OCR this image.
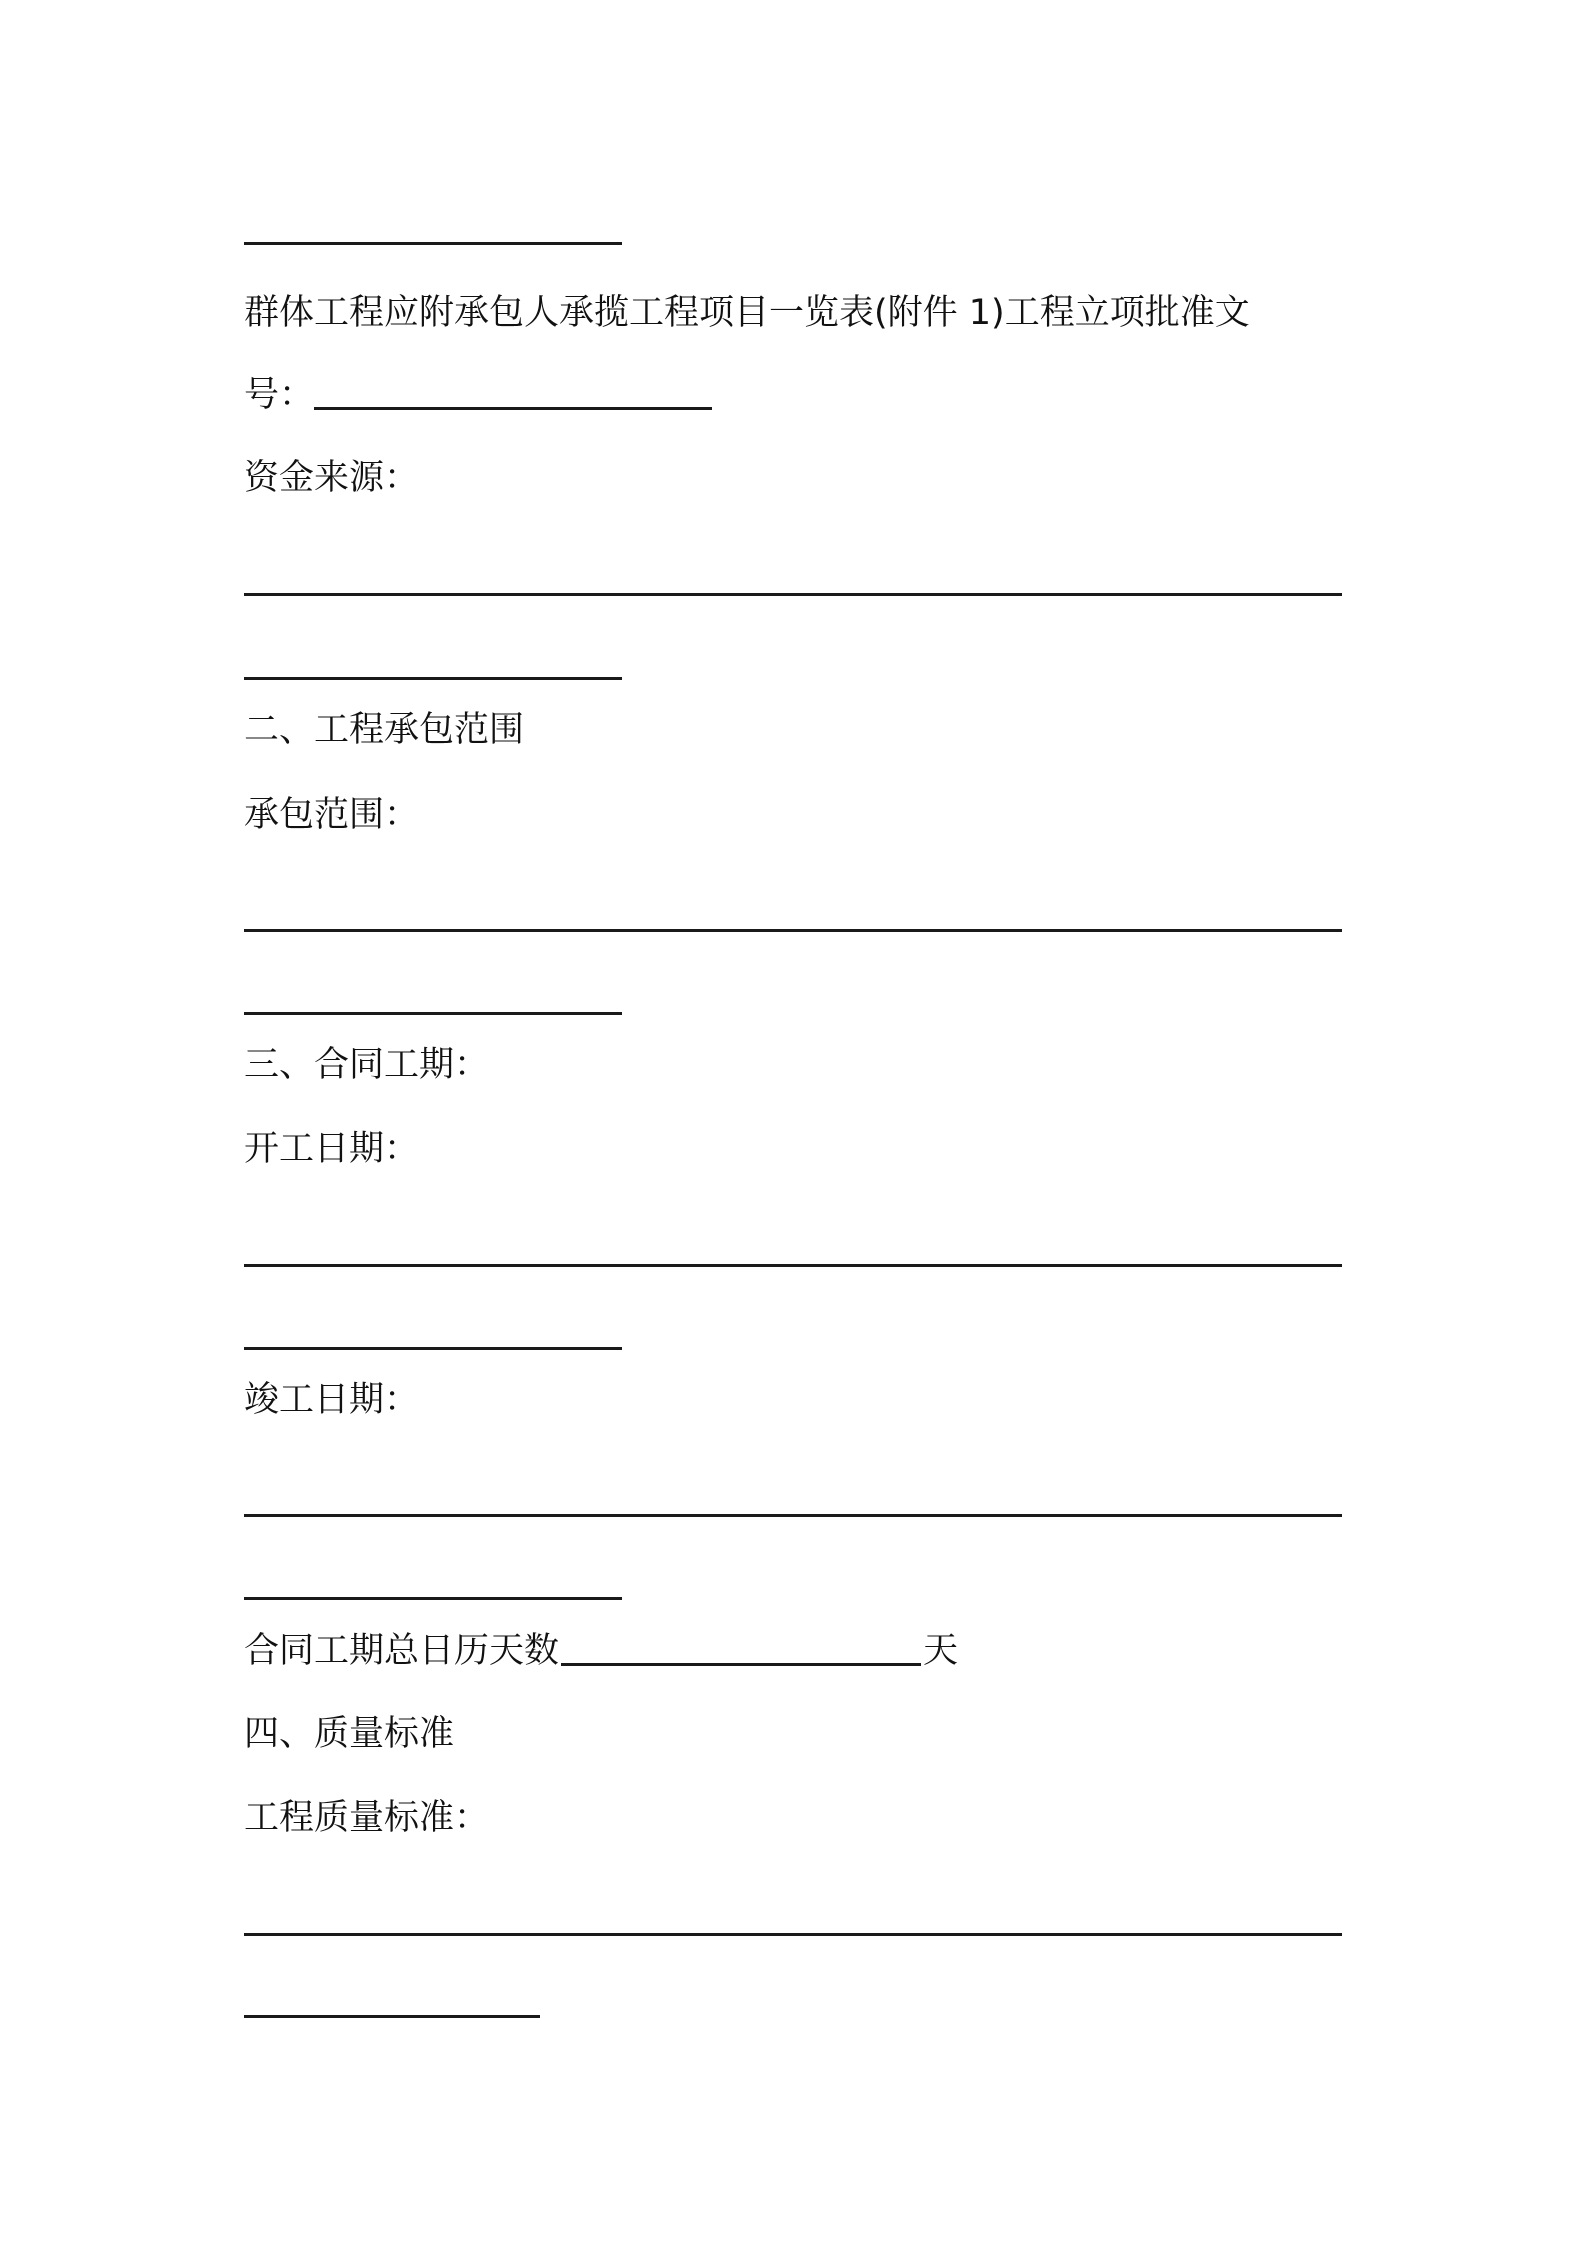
群体工程应附承包人承揽工程项目一览表(附件 1)工程立项批准文
号：
资金来源：
二、工程承包范围
承包范围：
三、合同工期：
开工日期：
竣工日期：
合同工期总日历天数	天
四、质量标准
工程质量标准：
